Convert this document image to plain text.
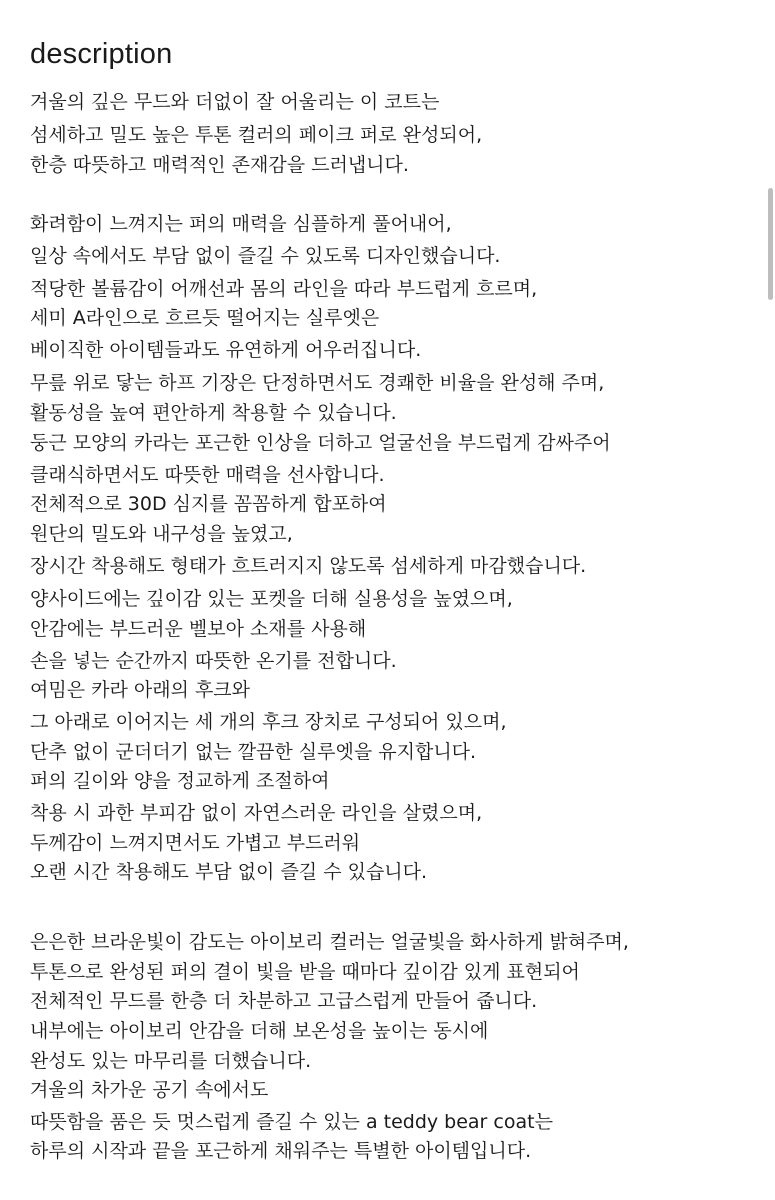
description
겨울의 깊은 무드와 더없이 잘 어울리는 이 코트는
섬세하고 밀도 높은 투톤 컬러의 페이크 퍼로 완성되어,
한층 따뜻하고 매력적인 존재감을 드러냅니다.
화려함이 느껴지는 퍼의 매력을 심플하게 풀어내어,
일상 속에서도 부담 없이 즐길 수 있도록 디자인했습니다.
적당한 볼륨감이 어깨선과 몸의 라인을 따라 부드럽게 흐르며,
세미 A라인으로 흐르듯 떨어지는 실루엣은
베이직한 아이템들과도 유연하게 어우러집니다.
무릎 위로 닿는 하프 기장은 단정하면서도 경쾌한 비율을 완성해 주며,
활동성을 높여 편안하게 착용할 수 있습니다.
둥근 모양의 카라는 포근한 인상을 더하고 얼굴선을 부드럽게 감싸주어
클래식하면서도 따뜻한 매력을 선사합니다.
전체적으로 30D 심지를 꼼꼼하게 합포하여
원단의 밀도와 내구성을 높였고,
장시간 착용해도 형태가 흐트러지지 않도록 섬세하게 마감했습니다.
양사이드에는 깊이감 있는 포켓을 더해 실용성을 높였으며,
안감에는 부드러운 벨보아 소재를 사용해
손을 넣는 순간까지 따뜻한 온기를 전합니다.
여밈은 카라 아래의 후크와
그 아래로 이어지는 세 개의 후크 장치로 구성되어 있으며,
단추 없이 군더더기 없는 깔끔한 실루엣을 유지합니다.
퍼의 길이와 양을 정교하게 조절하여
착용 시 과한 부피감 없이 자연스러운 라인을 살렸으며,
두께감이 느껴지면서도 가볍고 부드러워
오랜 시간 착용해도 부담 없이 즐길 수 있습니다.
은은한 브라운빛이 감도는 아이보리 컬러는 얼굴빛을 화사하게 밝혀주며,
투톤으로 완성된 퍼의 결이 빛을 받을 때마다 깊이감 있게 표현되어
전체적인 무드를 한층 더 차분하고 고급스럽게 만들어 줍니다.
내부에는 아이보리 안감을 더해 보온성을 높이는 동시에
완성도 있는 마무리를 더했습니다.
겨울의 차가운 공기 속에서도
따뜻함을 품은 듯 멋스럽게 즐길 수 있는 a teddy bear coat는
하루의 시작과 끝을 포근하게 채워주는 특별한 아이템입니다.
